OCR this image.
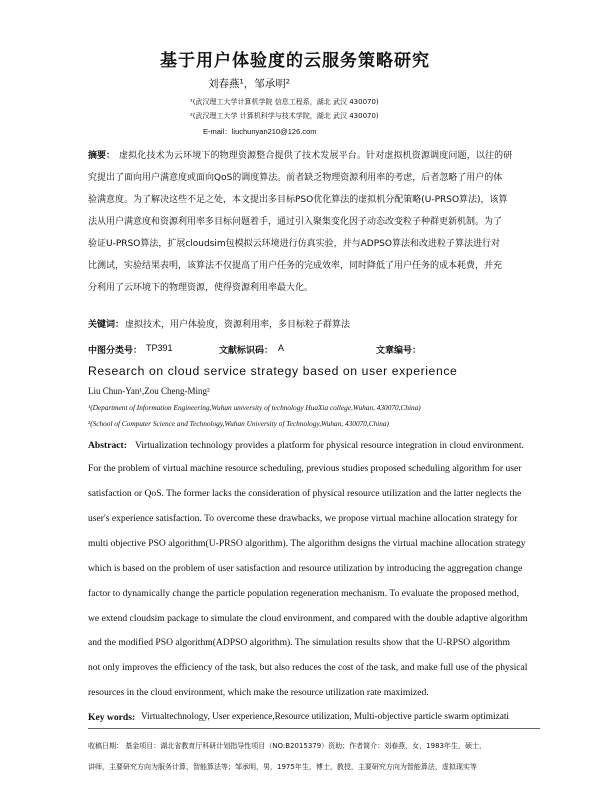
基于用户体验度的云服务策略研究
刘春燕¹，邹承明²
¹(武汉理工大学计算机学院 信息工程系，湖北 武汉 430070)
²(武汉理工大学 计算机科学与技术学院，湖北 武汉 430070)
E-mail：liuchunyan210@126.com
摘要： 虚拟化技术为云环境下的物理资源整合提供了技术发展平台。针对虚拟机资源调度问题，以往的研
究提出了面向用户满意度或面向QoS的调度算法。前者缺乏物理资源利用率的考虑，后者忽略了用户的体
验满意度。为了解决这些不足之处，本文提出多目标PSO优化算法的虚拟机分配策略(U-PRSO算法)，该算
法从用户满意度和资源利用率多目标问题着手，通过引入聚集变化因子动态改变粒子种群更新机制。为了
验证U-PRSO算法，扩展cloudsim包模拟云环境进行仿真实验，并与ADPSO算法和改进粒子算法进行对
比测试，实验结果表明，该算法不仅提高了用户任务的完成效率，同时降低了用户任务的成本耗费，并充
分利用了云环境下的物理资源，使得资源利用率最大化。
关键词： 虚拟技术，用户体验度，资源利用率，多目标粒子群算法
中图分类号： TP391	文献标识码： A	文章编号：
Research on cloud service strategy based on user experience
Liu Chun-Yan¹,Zou Cheng-Ming²
¹(Department of Information Engineering,Wuhan university of technology HuaXia college,Wuhan, 430070,China)
²(School of Computer Science and Technology,Wuhan University of Technology,Wuhan, 430070,China)
Abstract: Virtualization technology provides a platform for physical resource integration in cloud environment.
For the problem of virtual machine resource scheduling, previous studies proposed scheduling algorithm for user
satisfaction or QoS. The former lacks the consideration of physical resource utilization and the latter neglects the
user's experience satisfaction. To overcome these drawbacks, we propose virtual machine allocation strategy for
multi objective PSO algorithm(U-PRSO algorithm). The algorithm designs the virtual machine allocation strategy
which is based on the problem of user satisfaction and resource utilization by introducing the aggregation change
factor to dynamically change the particle population regeneration mechanism. To evaluate the proposed method,
we extend cloudsim package to simulate the cloud environment, and compared with the double adaptive algorithm
and the modified PSO algorithm(ADPSO algorithm). The simulation results show that the U-RPSO algorithm
not only improves the efficiency of the task, but also reduces the cost of the task, and make full use of the physical
resources in the cloud environment, which make the resource utilization rate maximized.
Key words: Virtualtechnology, User experience,Resource utilization, Multi-objective particle swarm optimizati
收稿日期： 基金项目：湖北省教育厅科研计划指导性项目（NO:B2015379）资助；作者简介：刘春燕，女，1983年生，硕士，
讲师，主要研究方向为服务计算，智能算法等；邹承明，男，1975年生，博士，教授，主要研究方向为智能算法，虚拟现实等
